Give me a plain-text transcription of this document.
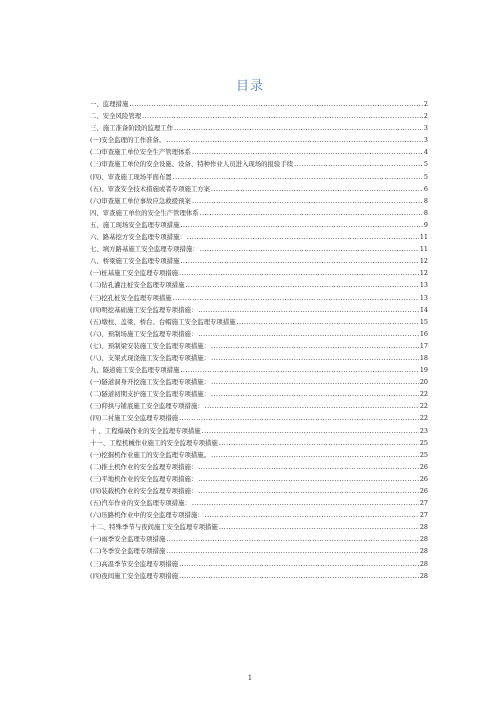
目录
一、监理措施 .....	2
二、安全风险管理 .....	2
三、施工准备阶段的监理工作 .....	3
(一)安全监理的工作准备。 .....	3
(二)审查施工单位安全生产管理体系 .....	4
(三)审查施工单位的安全设施、设备、特种作业人员进入现场的报验手续 .....	5
(四)、审查施工现场平面布置 .....	5
(五)、审查安全技术措施或者专项施工方案 .....	6
(六)审查施工单位事故应急救援预案 .....	8
四、审查施工单位的安全生产管理体系 .....	8
五、施工现场安全监理专项措施 .....	9
六、路基挖方安全监理专项措施： .....	11
七、填方路基施工安全监理专项措施： .....	11
八、桥梁施工安全监理专项措施 .....	12
(一)桩基施工安全监理专项措施 .....	12
(二)钻孔灌注桩安全监理专项措施 .....	13
(三)挖孔桩安全监理专项措施 .....	13
(四)明挖基础施工安全监理专项措施： .....	14
(五)墩柱、盖梁、桥台、台帽施工安全监理专项措施 .....	15
(六)、预制场施工安全监理专项措施： .....	16
(七)、预制梁安装施工安全监理专项措施： .....	17
(八)、支架式现浇施工安全监理专项措施： .....	18
九、隧道施工安全监理专项措施 .....	19
(一)隧道洞身开挖施工安全监理专项措施： .....	20
(二)隧道初期支护施工安全监理专项措施： .....	22
(三)仰拱与铺底施工安全监理专项措施： .....	22
(四)二衬施工安全监理专项措施 .....	22
十 、工程爆破作业的安全监理专项措施 .....	23
十一、工程机械作业施工的安全监理专项措施 .....	25
(一)挖掘机作业施工的安全监理专项措施。 .....	25
(二)推土机作业的安全监理专项措施： .....	26
(三)平地机作业的安全监理专项措施： .....	26
(四)装载机作业的安全监理专项措施： .....	26
(五)汽车作业的安全监理专项措施： .....	27
(六)压路机作业中的安全监理专项措施： .....	27
十二、特殊季节与夜间施工安全监理专项措施 .....	28
(一)雨季安全监理专项措施 .....	28
(二)冬季安全监理专项措施 .....	28
(三)高温季节安全监理专项措施 .....	28
(四)夜间施工安全监理专项措施 .....	28
1
